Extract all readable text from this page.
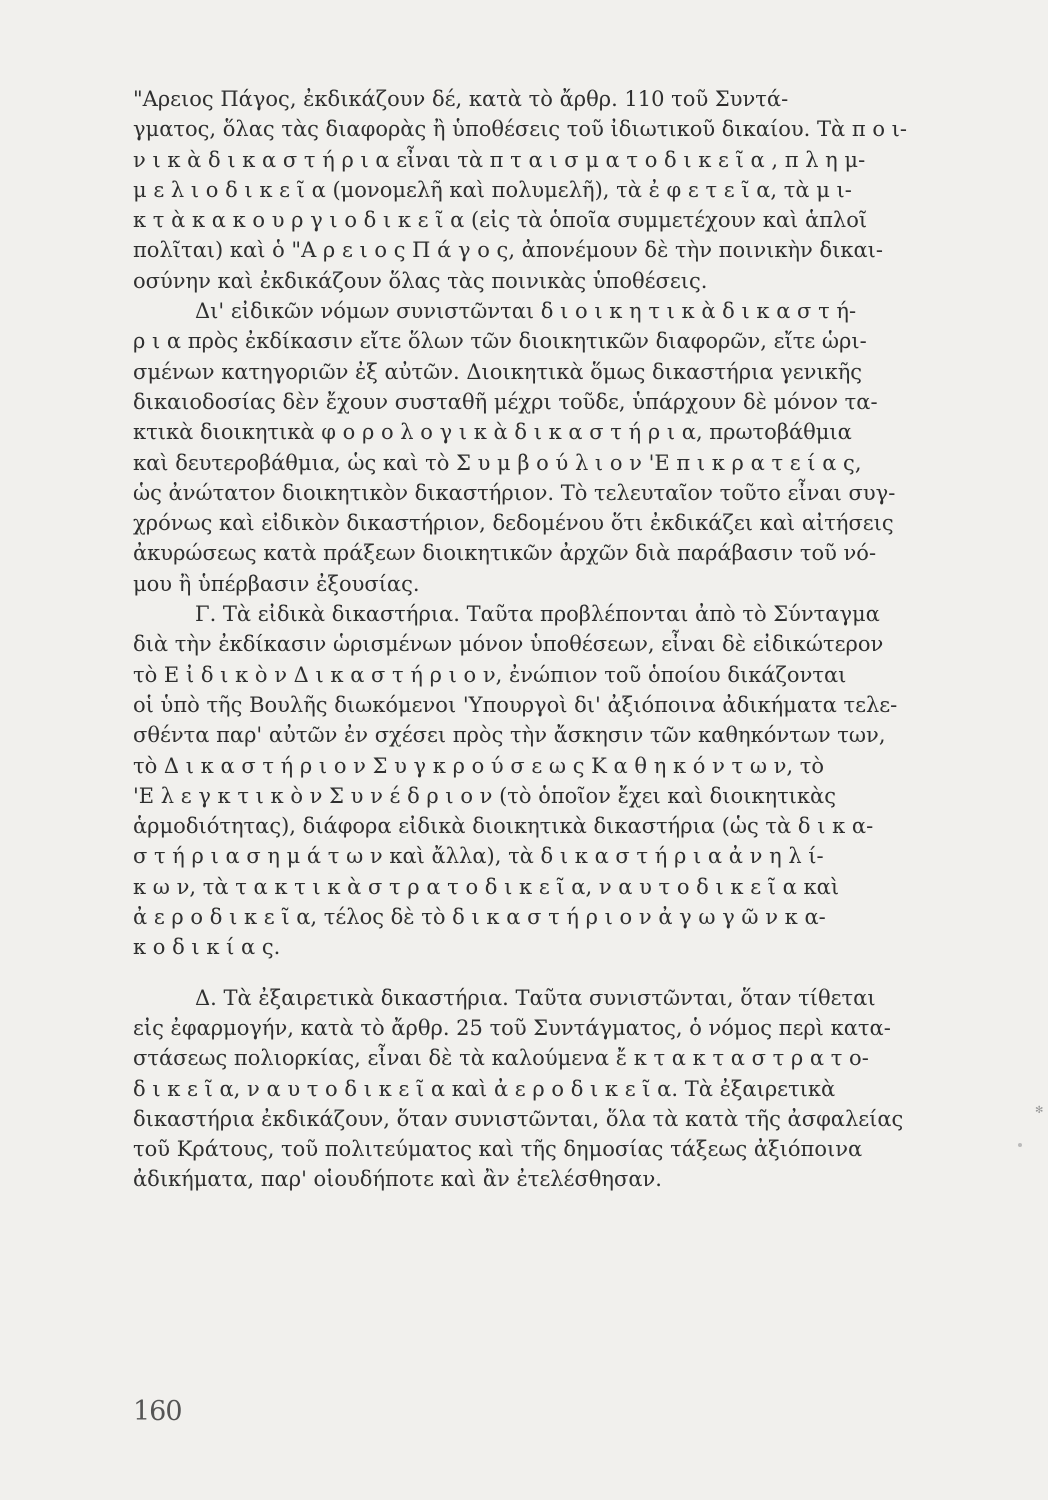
"Αρειος Πάγος, ἐκδικάζουν δέ, κατὰ τὸ ἄρθρ. 110 τοῦ Συντά-
γματος, ὅλας τὰς διαφορὰς ἢ ὑποθέσεις τοῦ ἰδιωτικοῦ δικαίου. Τὰ π ο ι-
ν ι κ ὰ δ ι κ α σ τ ή ρ ι α εἶναι τὰ π τ α ι σ μ α τ ο δ ι κ ε ῖ α , π λ η μ-
μ ε λ ι ο δ ι κ ε ῖ α (μονομελῆ καὶ πολυμελῆ), τὰ ἐ φ ε τ ε ῖ α, τὰ μ ι-
κ τ ὰ κ α κ ο υ ρ γ ι ο δ ι κ ε ῖ α (εἰς τὰ ὁποῖα συμμετέχουν καὶ ἁπλοῖ
πολῖται) καὶ ὁ "Α ρ ε ι ο ς Π ά γ ο ς, ἀπονέμουν δὲ τὴν ποινικὴν δικαι-
οσύνην καὶ ἐκδικάζουν ὅλας τὰς ποινικὰς ὑποθέσεις.
Δι' εἰδικῶν νόμων συνιστῶνται δ ι ο ι κ η τ ι κ ὰ δ ι κ α σ τ ή-
ρ ι α πρὸς ἐκδίκασιν εἴτε ὅλων τῶν διοικητικῶν διαφορῶν, εἴτε ὡρι-
σμένων κατηγοριῶν ἐξ αὐτῶν. Διοικητικὰ ὅμως δικαστήρια γενικῆς
δικαιοδοσίας δὲν ἔχουν συσταθῆ μέχρι τοῦδε, ὑπάρχουν δὲ μόνον τα-
κτικὰ διοικητικὰ φ ο ρ ο λ ο γ ι κ ὰ δ ι κ α σ τ ή ρ ι α, πρωτοβάθμια
καὶ δευτεροβάθμια, ὡς καὶ τὸ Σ υ μ β ο ύ λ ι ο ν 'Ε π ι κ ρ α τ ε ί α ς,
ὡς ἀνώτατον διοικητικὸν δικαστήριον. Τὸ τελευταῖον τοῦτο εἶναι συγ-
χρόνως καὶ εἰδικὸν δικαστήριον, δεδομένου ὅτι ἐκδικάζει καὶ αἰτήσεις
ἀκυρώσεως κατὰ πράξεων διοικητικῶν ἀρχῶν διὰ παράβασιν τοῦ νό-
μου ἢ ὑπέρβασιν ἐξουσίας.
Γ. Τὰ εἰδικὰ δικαστήρια. Ταῦτα προβλέπονται ἀπὸ τὸ Σύνταγμα
διὰ τὴν ἐκδίκασιν ὡρισμένων μόνον ὑποθέσεων, εἶναι δὲ εἰδικώτερον
τὸ Ε ἰ δ ι κ ὸ ν Δ ι κ α σ τ ή ρ ι ο ν, ἐνώπιον τοῦ ὁποίου δικάζονται
οἱ ὑπὸ τῆς Βουλῆς διωκόμενοι 'Υπουργοὶ δι' ἀξιόποινα ἀδικήματα τελε-
σθέντα παρ' αὐτῶν ἐν σχέσει πρὸς τὴν ἄσκησιν τῶν καθηκόντων των,
τὸ Δ ι κ α σ τ ή ρ ι ο ν Σ υ γ κ ρ ο ύ σ ε ω ς Κ α θ η κ ό ν τ ω ν, τὸ
'Ε λ ε γ κ τ ι κ ὸ ν Σ υ ν έ δ ρ ι ο ν (τὸ ὁποῖον ἔχει καὶ διοικητικὰς
ἁρμοδιότητας), διάφορα εἰδικὰ διοικητικὰ δικαστήρια (ὡς τὰ δ ι κ α-
σ τ ή ρ ι α σ η μ ά τ ω ν καὶ ἄλλα), τὰ δ ι κ α σ τ ή ρ ι α ἀ ν η λ ί-
κ ω ν, τὰ τ α κ τ ι κ ὰ σ τ ρ α τ ο δ ι κ ε ῖ α, ν α υ τ ο δ ι κ ε ῖ α καὶ
ἀ ε ρ ο δ ι κ ε ῖ α, τέλος δὲ τὸ δ ι κ α σ τ ή ρ ι ο ν ἀ γ ω γ ῶ ν κ α-
κ ο δ ι κ ί α ς.
Δ. Τὰ ἐξαιρετικὰ δικαστήρια. Ταῦτα συνιστῶνται, ὅταν τίθεται
εἰς ἐφαρμογήν, κατὰ τὸ ἄρθρ. 25 τοῦ Συντάγματος, ὁ νόμος περὶ κατα-
στάσεως πολιορκίας, εἶναι δὲ τὰ καλούμενα ἔ κ τ α κ τ α σ τ ρ α τ ο-
δ ι κ ε ῖ α, ν α υ τ ο δ ι κ ε ῖ α καὶ ἀ ε ρ ο δ ι κ ε ῖ α. Τὰ ἐξαιρετικὰ
δικαστήρια ἐκδικάζουν, ὅταν συνιστῶνται, ὅλα τὰ κατὰ τῆς ἀσφαλείας
τοῦ Κράτους, τοῦ πολιτεύματος καὶ τῆς δημοσίας τάξεως ἀξιόποινα
ἀδικήματα, παρ' οἱουδήποτε καὶ ἂν ἐτελέσθησαν.
160
✻
